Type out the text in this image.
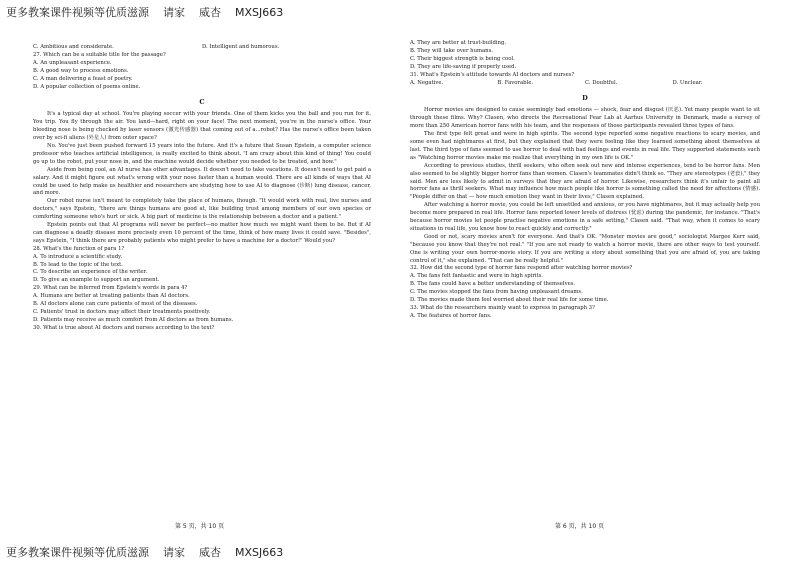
更多教案课件视频等优质滋源 请家 威杏 MXSJ663
C. Ambitious and considerate.	D. Intelligent and humorous.

27. Which can be a suitable title for the passage?

A. An unpleasant experience.

B. A good way to process emotions.

C. A man delivering a feast of poetry.

D. A popular collection of poems online.

C

It's a typical day at school. You're playing soccer with your friends. One of them kicks you the ball and you run for it. You trip. You fly through the air. You land—hard, right on your face! The next moment, you're in the nurse's office. Your bleeding nose is being checked by laser sensors (激光传感器) that coming out of a...robot? Has the nurse's office been taken over by sci-fi aliens (外星人) from outer space?

No. You've just been pushed forward 15 years into the future. And it's a future that Susan Epstein, a computer science professor who teaches artificial intelligence, is really excited to think about. "I am crazy about this kind of thing! You could go up to the robot, put your nose in, and the machine would decide whether you needed to be treated, and how."

Aside from being cool, an AI nurse has other advantages. It doesn't need to take vacations. It doesn't need to get paid a salary. And it might figure out what's wrong with your nose faster than a human would. There are all kinds of ways that AI could be used to help make us healthier and researchers are studying how to use AI to diagnose (诊断) lung disease, cancer, and more.

Our robot nurse isn't meant to completely take the place of humans, though. "It would work with real, live nurses and doctors," says Epstein, "there are things humans are good at, like building trust among members of our own species or comforting someone who's hurt or sick. A big part of medicine is the relationship between a doctor and a patient."

Epstein points out that AI programs will never be perfect—no matter how much we might want them to be. But if AI can diagnose a deadly disease more precisely even 10 percent of the time, think of how many lives it could save. "Besides", says Epstein, "I think there are probably patients who might prefer to have a machine for a doctor!" Would you?

28. What's the function of para 1?

A. To introduce a scientific study.

B. To lead to the topic of the text.

C. To describe an experience of the writer.

D. To give an example to support an argument.

29. What can be inferred from Epstein's words in para 4?

A. Humans are better at treating patients than AI doctors.

B. AI doctors alone can cure patients of most of the diseases.

C. Patients' trust in doctors may affect their treatments positively.

D. Patients may receive as much comfort from AI doctors as from humans.

30. What is true about AI doctors and nurses according to the text?

A. They are better at trust-building.

B. They will take over humans.

C. Their biggest strength is being cool.

D. They are life-saving if properly used.

31. What's Epstein's attitude towards AI doctors and nurses?

A. Negative.	B. Favorable.	C. Doubtful.	D. Unclear.
D

Horror movies are designed to cause seemingly bad emotions — shock, fear and disgust (厌恶). Yet many people want to sit through these films. Why? Clasen, who directs the Recreational Fear Lab at Aarhus University in Denmark, made a survey of more than 250 American horror fans with his team, and the responses of those participants revealed three types of fans.

The first type felt great and were in high spirits. The second type reported some negative reactions to scary movies, and some even had nightmares at first, but they explained that they were feeling like they learned something about themselves at last. The third type of fans seemed to use horror to deal with bad feelings and events in real life. They supported statements such as "Watching horror movies make me realize that everything in my own life is OK."

According to previous studies, thrill seekers, who often seek out new and intense experiences, tend to be horror fans. Men also seemed to be slightly bigger horror fans than women. Clasen's teammates didn't think so. "They are stereotypes (老套)," they said. Men are less likely to admit in surveys that they are afraid of horror. Likewise, researchers think it's unfair to paint all horror fans as thrill seekers. What may influence how much people like horror is something called the need for affections (情感). "People differ on that — how much emotion they want in their lives," Clasen explained.

After watching a horror movie, you could be left unsettled and anxious, or you have nightmares, but it may actually help you become more prepared in real life. Horror fans reported lower levels of distress (忧虑) during the pandemic, for instance. "That's because horror movies let people practise negative emotions in a safe setting," Clasen said. "That way, when it comes to scary situations in real life, you know how to react quickly and correctly."

Good or not, scary movies aren't for everyone. And that's OK. "Monster movies are good," sociologist Margee Kerr said, "because you know that they're not real." "If you are not ready to watch a horror movie, there are other ways to test yourself. One is writing your own horror-movie story. If you are writing a story about something that you are afraid of, you are taking control of it," she explained. "That can be really helpful."

32. How did the second type of horror fans respond after watching horror movies?

A. The fans felt fantastic and were in high spirits.

B. The fans could have a better understanding of themselves.

C. The movies stopped the fans from having unpleasant dreams.

D. The movies made them feel worried about their real life for some time.

33. What do the researchers mainly want to express in paragraph 3?

A. The features of horror fans.

第 5 页，共 10 页	第 6 页，共 10 页
更多教案课件视频等优质滋源 请家 威杏 MXSJ663
